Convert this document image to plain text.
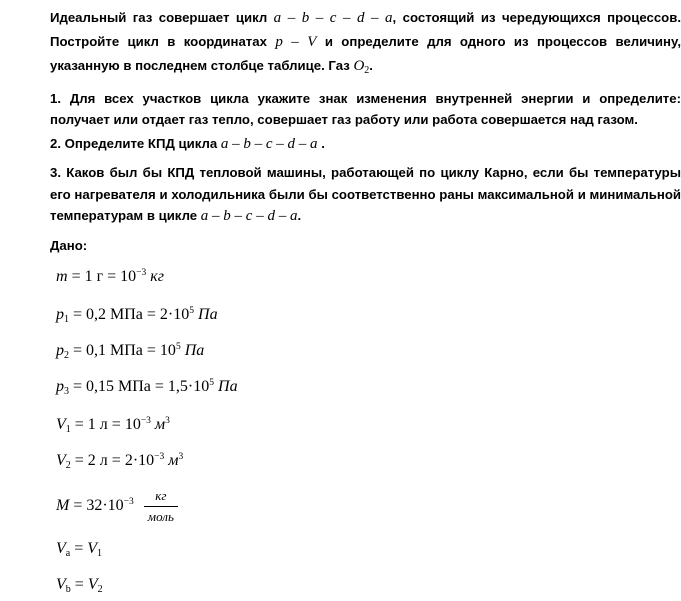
Идеальный газ совершает цикл a – b – c – d – a, состоящий из чередующихся процессов. Постройте цикл в координатах p – V и определите для одного из процессов величину, указанную в последнем столбце таблице. Газ $O_2$.
1. Для всех участков цикла укажите знак изменения внутренней энергии и определите: получает или отдает газ тепло, совершает газ работу или работа совершается над газом.
2. Определите КПД цикла a – b – c – d – a .
3. Каков был бы КПД тепловой машины, работающей по циклу Карно, если бы температуры его нагревателя и холодильника были бы соответственно раны максимальной и минимальной температурам в цикле a – b – c – d – a.
Дано:
m = 1 $г = 10^{-3}$ кг
$p_1 = 0,2$ МПа = $2\cdot 10^5$ Па
$p_2 = 0,1$ МПа = $10^5$ Па
$p_3 = 0,15$ МПа = $1,5\cdot 10^5$ Па
$V_1 = 1$ $л = 10^{-3}$ $м^3$
$V_2 = 2$ $л = 2\cdot 10^{-3}$ $м^3$
$M = 32\cdot 10^{-3} \frac{кг}{\text{моль}}$
$V_a = V_1$
$V_b = V_2$
